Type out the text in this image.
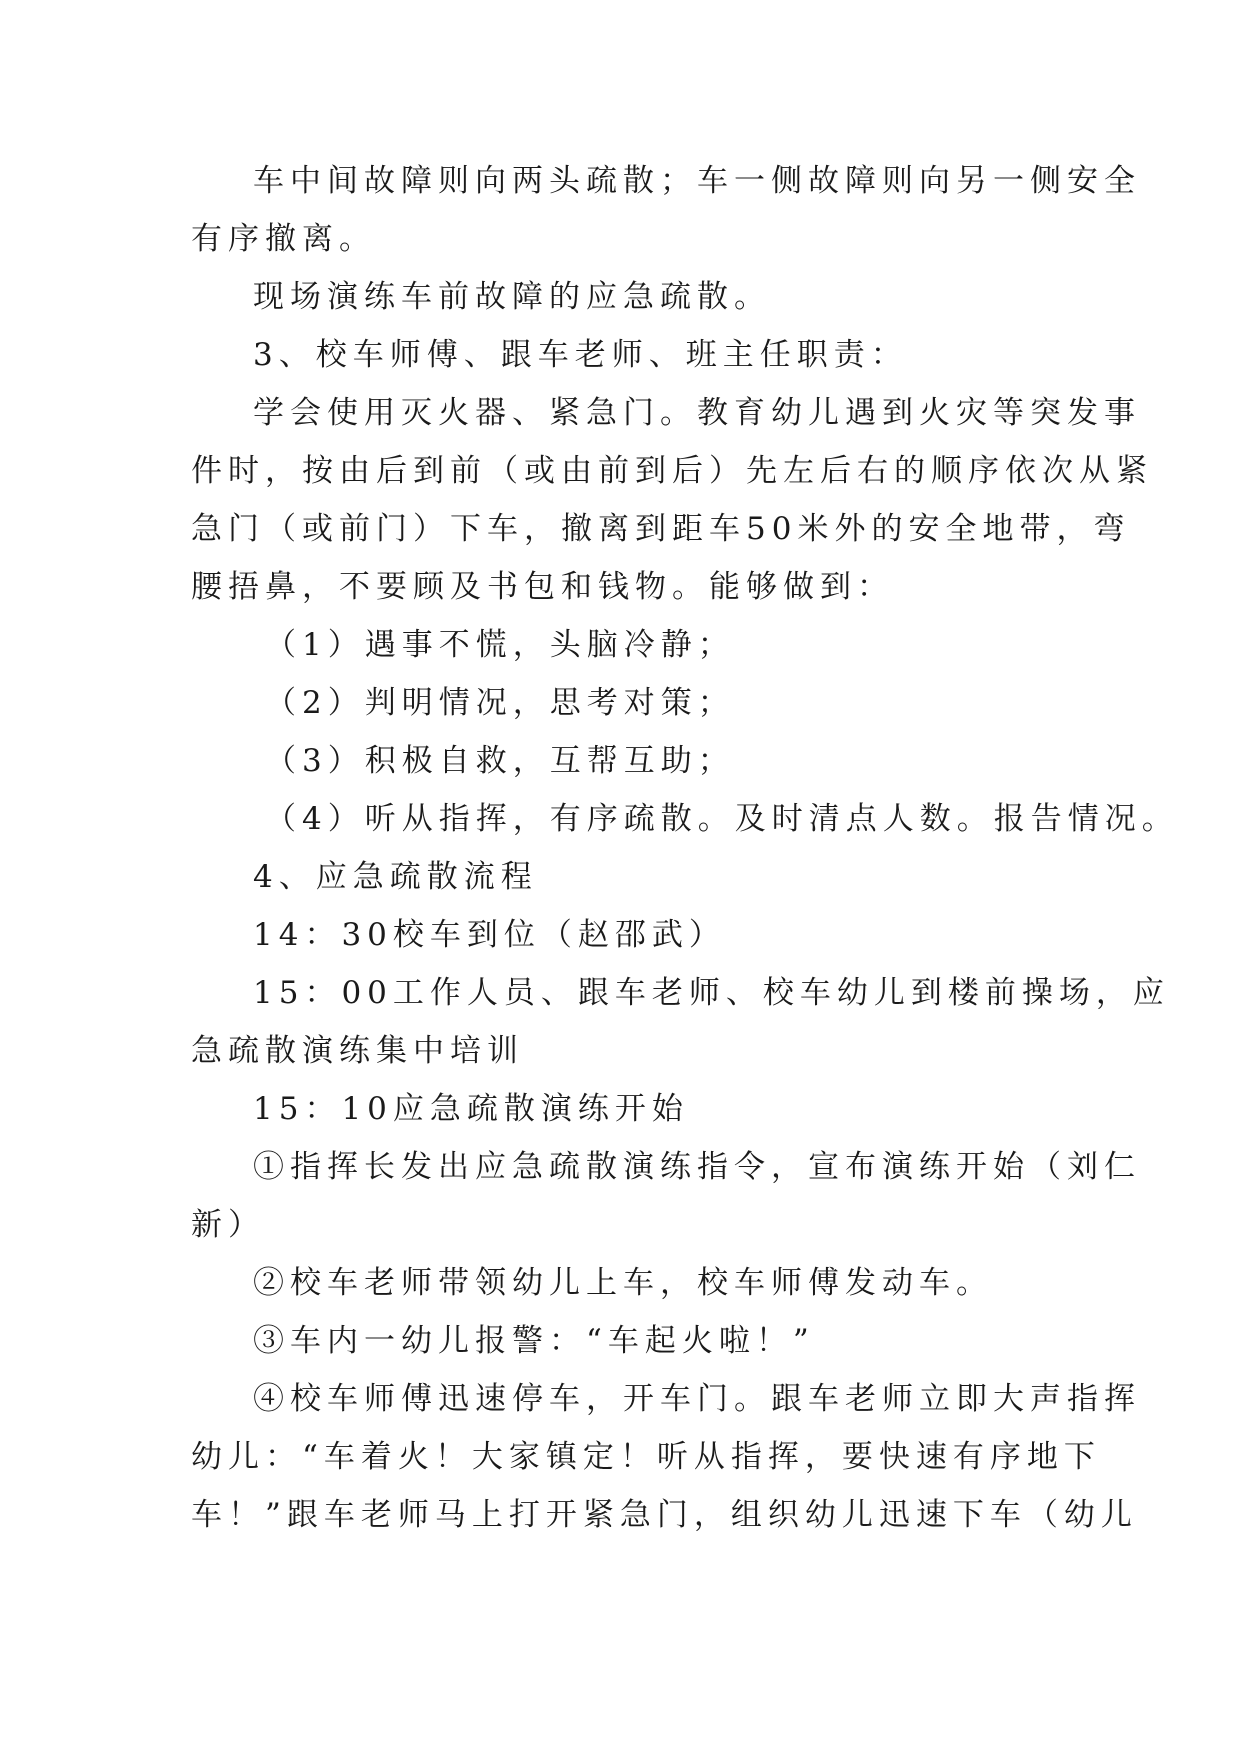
车中间故障则向两头疏散；车一侧故障则向另一侧安全
有序撤离。
现场演练车前故障的应急疏散。
3、校车师傅、跟车老师、班主任职责：
学会使用灭火器、紧急门。教育幼儿遇到火灾等突发事
件时，按由后到前（或由前到后）先左后右的顺序依次从紧
急门（或前门）下车，撤离到距车50米外的安全地带，弯
腰捂鼻，不要顾及书包和钱物。能够做到：
（1）遇事不慌，头脑冷静；
（2）判明情况，思考对策；
（3）积极自救，互帮互助；
（4）听从指挥，有序疏散。及时清点人数。报告情况。
4、应急疏散流程
14：30校车到位（赵邵武）
15：00工作人员、跟车老师、校车幼儿到楼前操场，应
急疏散演练集中培训
15：10应急疏散演练开始
①指挥长发出应急疏散演练指令，宣布演练开始（刘仁
新）
②校车老师带领幼儿上车，校车师傅发动车。
③车内一幼儿报警：“车起火啦！”
④校车师傅迅速停车，开车门。跟车老师立即大声指挥
幼儿：“车着火！大家镇定！听从指挥，要快速有序地下
车！”跟车老师马上打开紧急门，组织幼儿迅速下车（幼儿
